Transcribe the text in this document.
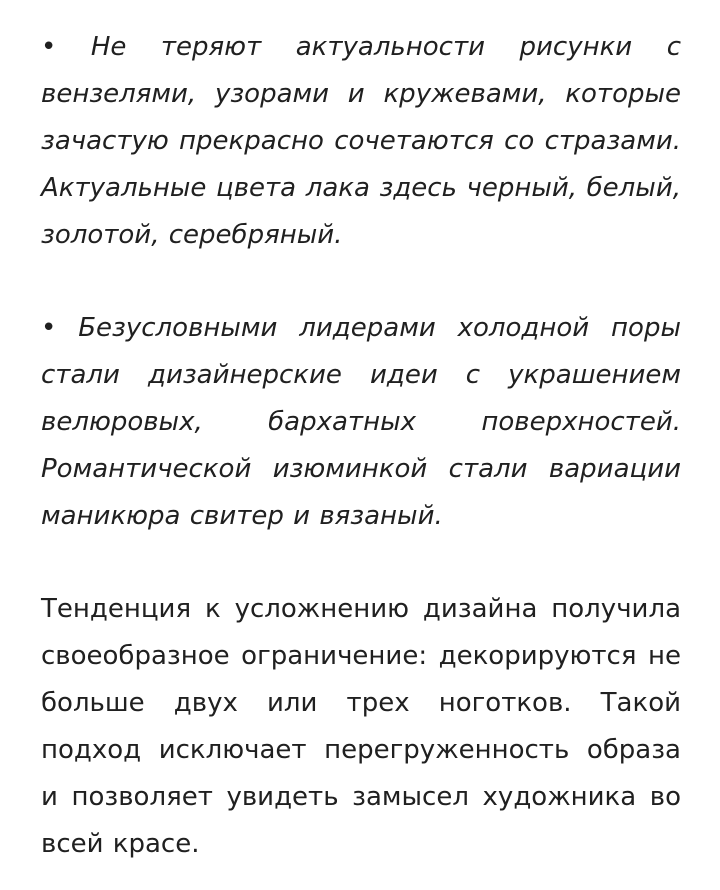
• Не теряют актуальности рисунки с вензелями, узорами и кружевами, которые зачастую прекрасно сочетаются со стразами. Актуальные цвета лака здесь черный, белый, золотой, серебряный.

• Безусловными лидерами холодной поры стали дизайнерские идеи с украшением велюровых, бархатных поверхностей. Романтической изюминкой стали вариации маникюра свитер и вязаный.

Тенденция к усложнению дизайна получила своеобразное ограничение: декорируются не больше двух или трех ноготков. Такой подход исключает перегруженность образа и позволяет увидеть замысел художника во всей красе.
